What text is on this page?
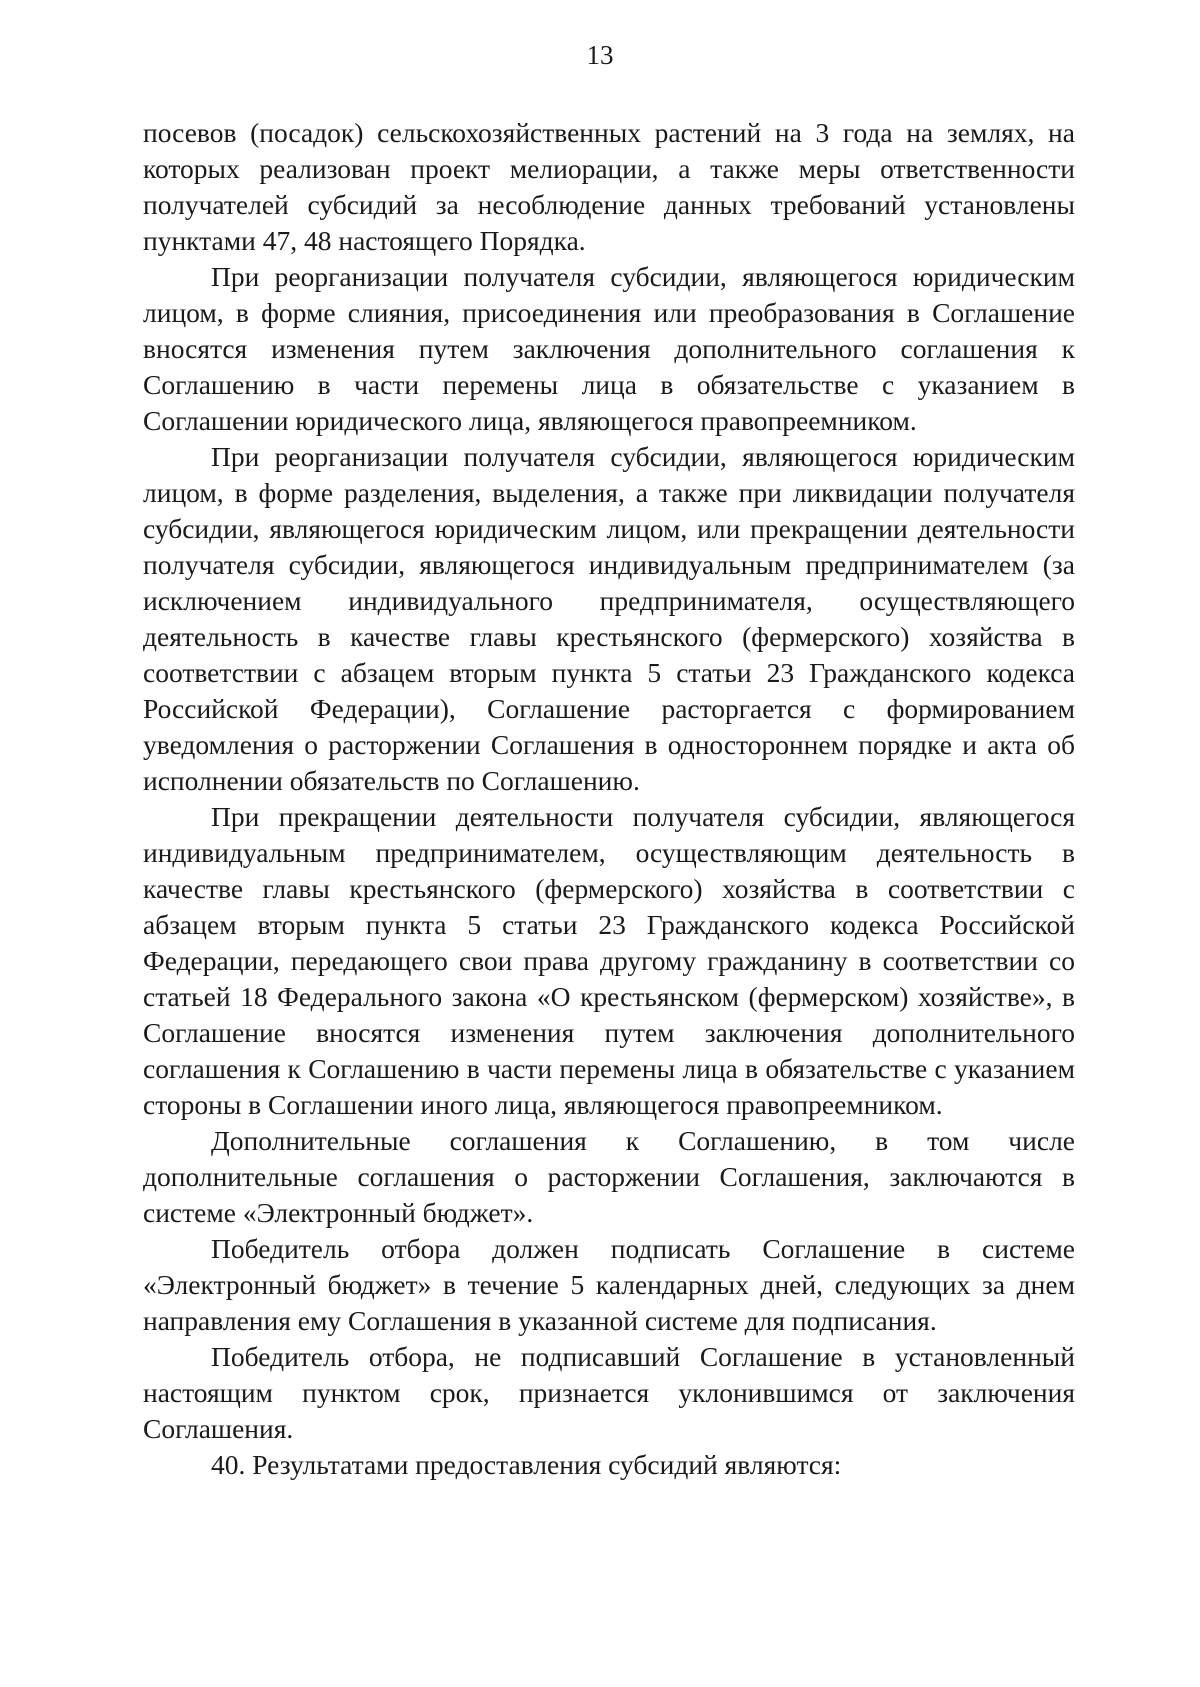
13

посевов (посадок) сельскохозяйственных растений на 3 года на землях, на которых реализован проект мелиорации, а также меры ответственности получателей субсидий за несоблюдение данных требований установлены пунктами 47, 48 настоящего Порядка.

При реорганизации получателя субсидии, являющегося юридическим лицом, в форме слияния, присоединения или преобразования в Соглашение вносятся изменения путем заключения дополнительного соглашения к Соглашению в части перемены лица в обязательстве с указанием в Соглашении юридического лица, являющегося правопреемником.

При реорганизации получателя субсидии, являющегося юридическим лицом, в форме разделения, выделения, а также при ликвидации получателя субсидии, являющегося юридическим лицом, или прекращении деятельности получателя субсидии, являющегося индивидуальным предпринимателем (за исключением индивидуального предпринимателя, осуществляющего деятельность в качестве главы крестьянского (фермерского) хозяйства в соответствии с абзацем вторым пункта 5 статьи 23 Гражданского кодекса Российской Федерации), Соглашение расторгается с формированием уведомления о расторжении Соглашения в одностороннем порядке и акта об исполнении обязательств по Соглашению.

При прекращении деятельности получателя субсидии, являющегося индивидуальным предпринимателем, осуществляющим деятельность в качестве главы крестьянского (фермерского) хозяйства в соответствии с абзацем вторым пункта 5 статьи 23 Гражданского кодекса Российской Федерации, передающего свои права другому гражданину в соответствии со статьей 18 Федерального закона «О крестьянском (фермерском) хозяйстве», в Соглашение вносятся изменения путем заключения дополнительного соглашения к Соглашению в части перемены лица в обязательстве с указанием стороны в Соглашении иного лица, являющегося правопреемником.

Дополнительные соглашения к Соглашению, в том числе дополнительные соглашения о расторжении Соглашения, заключаются в системе «Электронный бюджет».

Победитель отбора должен подписать Соглашение в системе «Электронный бюджет» в течение 5 календарных дней, следующих за днем направления ему Соглашения в указанной системе для подписания.

Победитель отбора, не подписавший Соглашение в установленный настоящим пунктом срок, признается уклонившимся от заключения Соглашения.

40. Результатами предоставления субсидий являются:
